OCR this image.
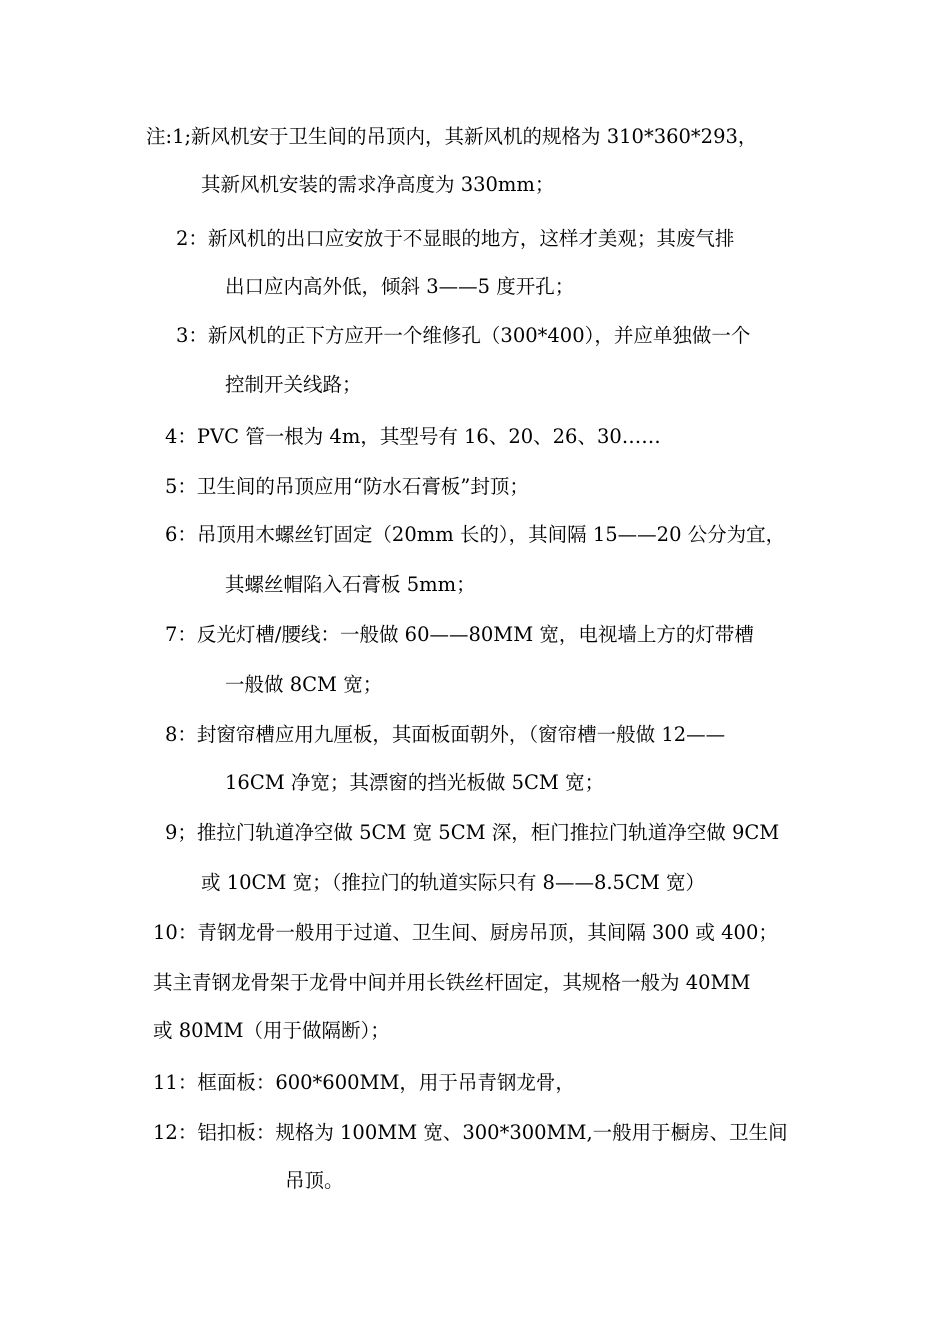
注:1;新风机安于卫生间的吊顶内，其新风机的规格为 310*360*293，
其新风机安装的需求净高度为 330mm；
2：新风机的出口应安放于不显眼的地方，这样才美观；其废气排
出口应内高外低，倾斜 3——5 度开孔；
3：新风机的正下方应开一个维修孔（300*400），并应单独做一个
控制开关线路；
4：PVC 管一根为 4m，其型号有 16、20、26、30……
5：卫生间的吊顶应用“防水石膏板”封顶；
6：吊顶用木螺丝钉固定（20mm 长的），其间隔 15——20 公分为宜，
其螺丝帽陷入石膏板 5mm；
7：反光灯槽/腰线：一般做 60——80MM 宽，电视墙上方的灯带槽
一般做 8CM 宽；
8：封窗帘槽应用九厘板，其面板面朝外，（窗帘槽一般做 12——
16CM 净宽；其漂窗的挡光板做 5CM 宽；
9；推拉门轨道净空做 5CM 宽 5CM 深，柜门推拉门轨道净空做 9CM
或 10CM 宽；（推拉门的轨道实际只有 8——8.5CM 宽）
10：青钢龙骨一般用于过道、卫生间、厨房吊顶，其间隔 300 或 400；
其主青钢龙骨架于龙骨中间并用长铁丝杆固定，其规格一般为 40MM
或 80MM（用于做隔断）；
11：框面板：600*600MM，用于吊青钢龙骨，
12：铝扣板：规格为 100MM 宽、300*300MM,一般用于橱房、卫生间
吊顶。
